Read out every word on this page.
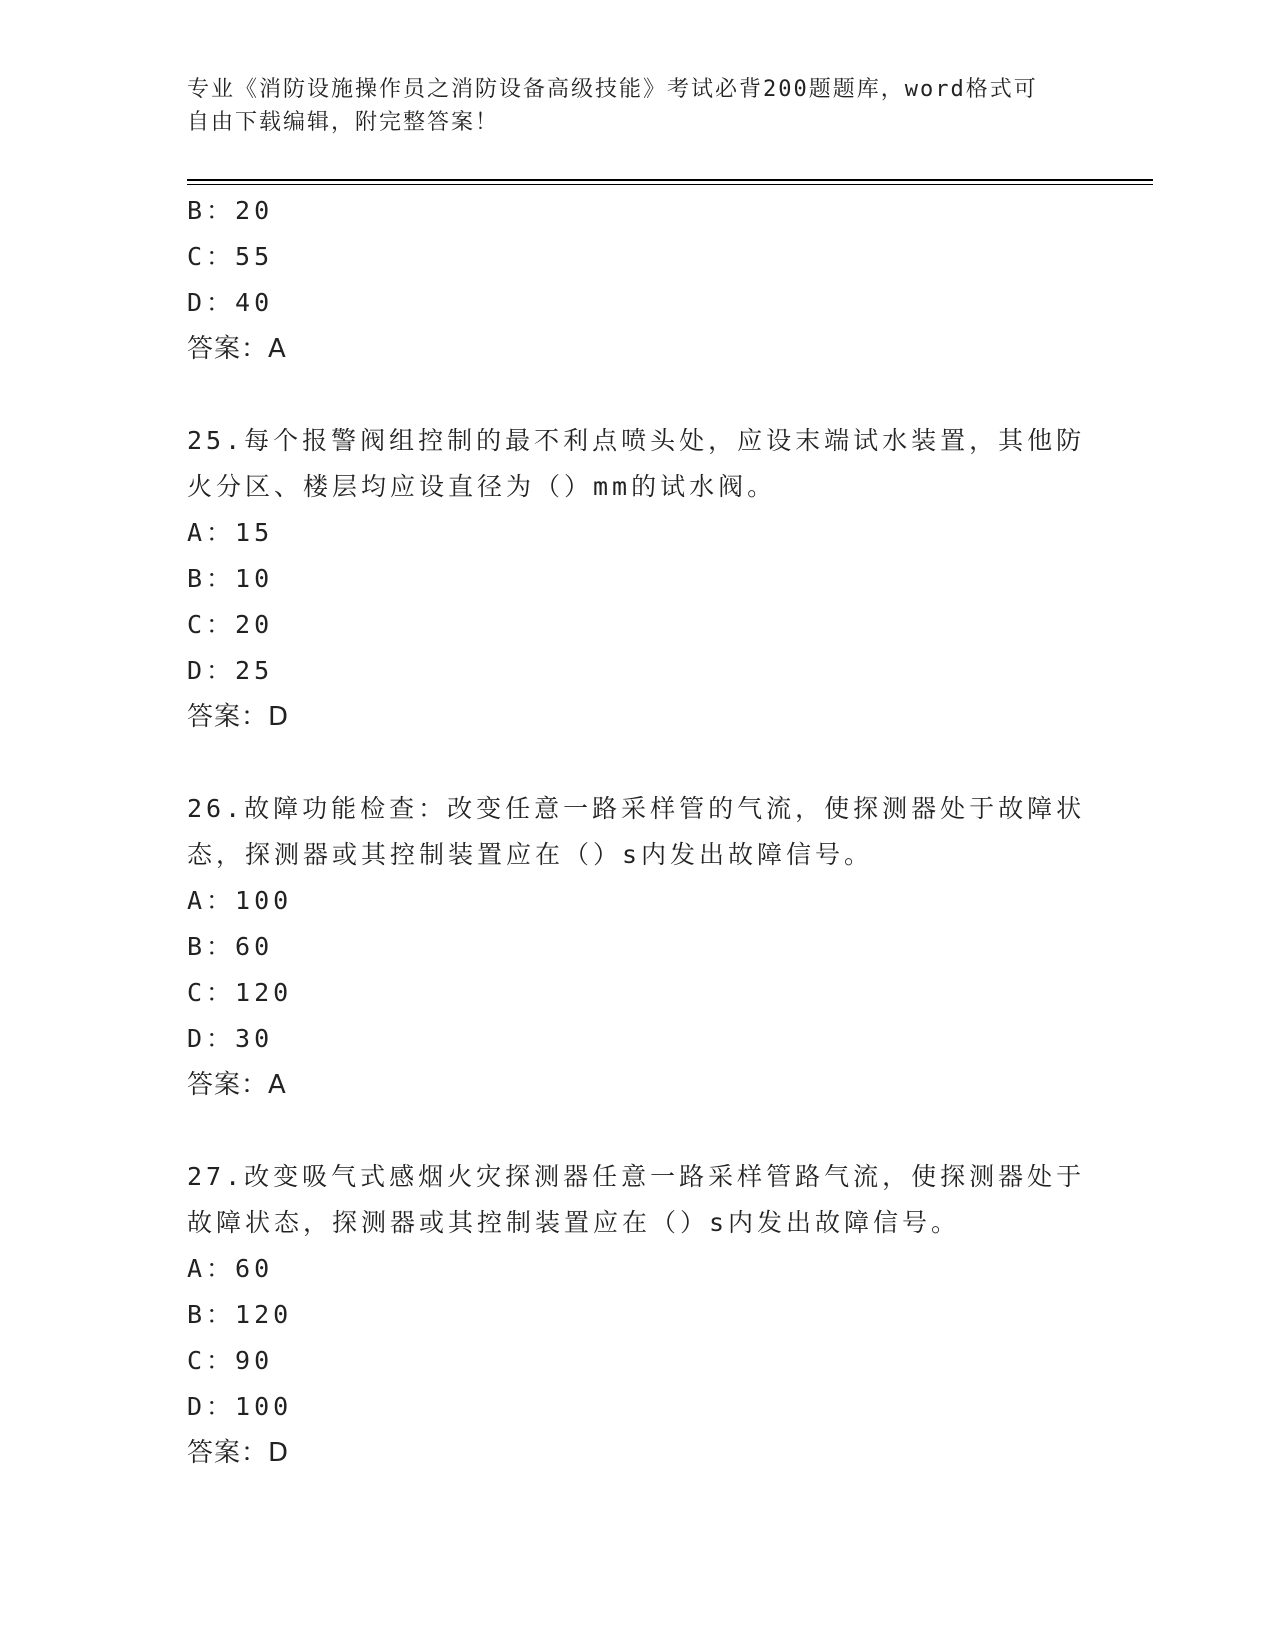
专业《消防设施操作员之消防设备高级技能》考试必背200题题库，word格式可
自由下载编辑，附完整答案！
B：20
C：55
D：40
答案：A
25.每个报警阀组控制的最不利点喷头处，应设末端试水装置，其他防
火分区、楼层均应设直径为（）mm的试水阀。
A：15
B：10
C：20
D：25
答案：D
26.故障功能检查：改变任意一路采样管的气流，使探测器处于故障状
态，探测器或其控制装置应在（）s内发出故障信号。
A：100
B：60
C：120
D：30
答案：A
27.改变吸气式感烟火灾探测器任意一路采样管路气流，使探测器处于
故障状态，探测器或其控制装置应在（）s内发出故障信号。
A：60
B：120
C：90
D：100
答案：D
